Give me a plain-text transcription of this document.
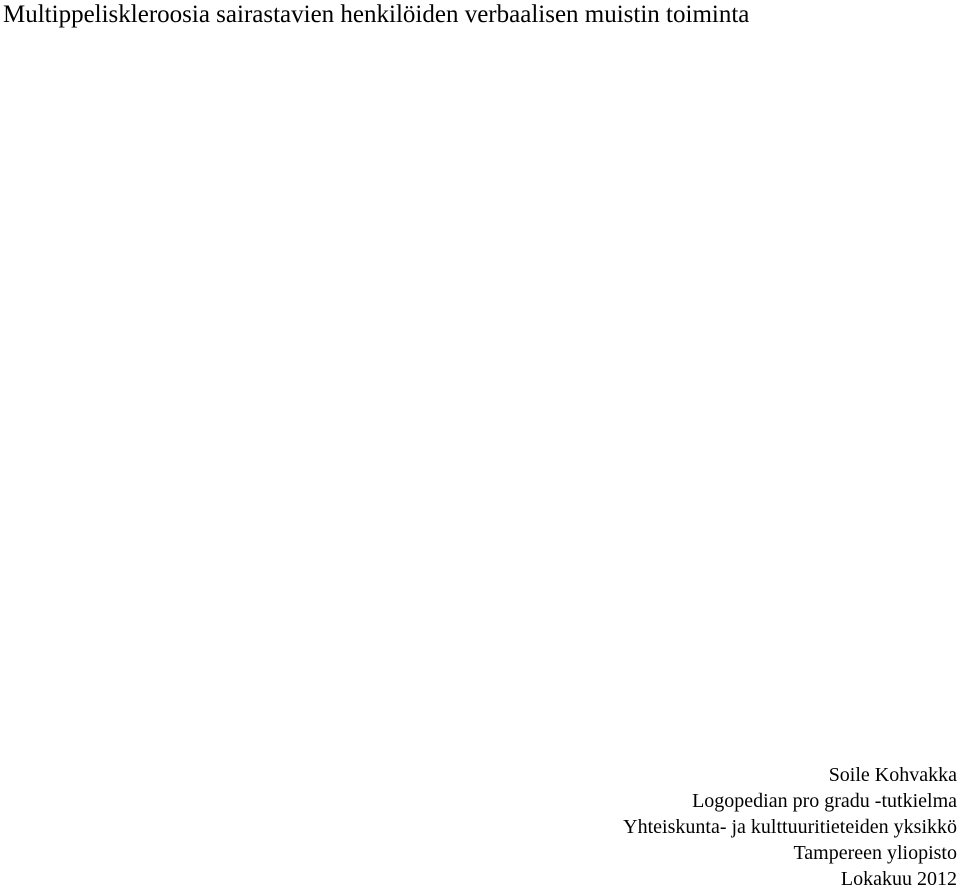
Multippeliskleroosia sairastavien henkilöiden verbaalisen muistin toiminta
Soile Kohvakka
Logopedian pro gradu -tutkielma
Yhteiskunta- ja kulttuuritieteiden yksikkö
Tampereen yliopisto
Lokakuu 2012
